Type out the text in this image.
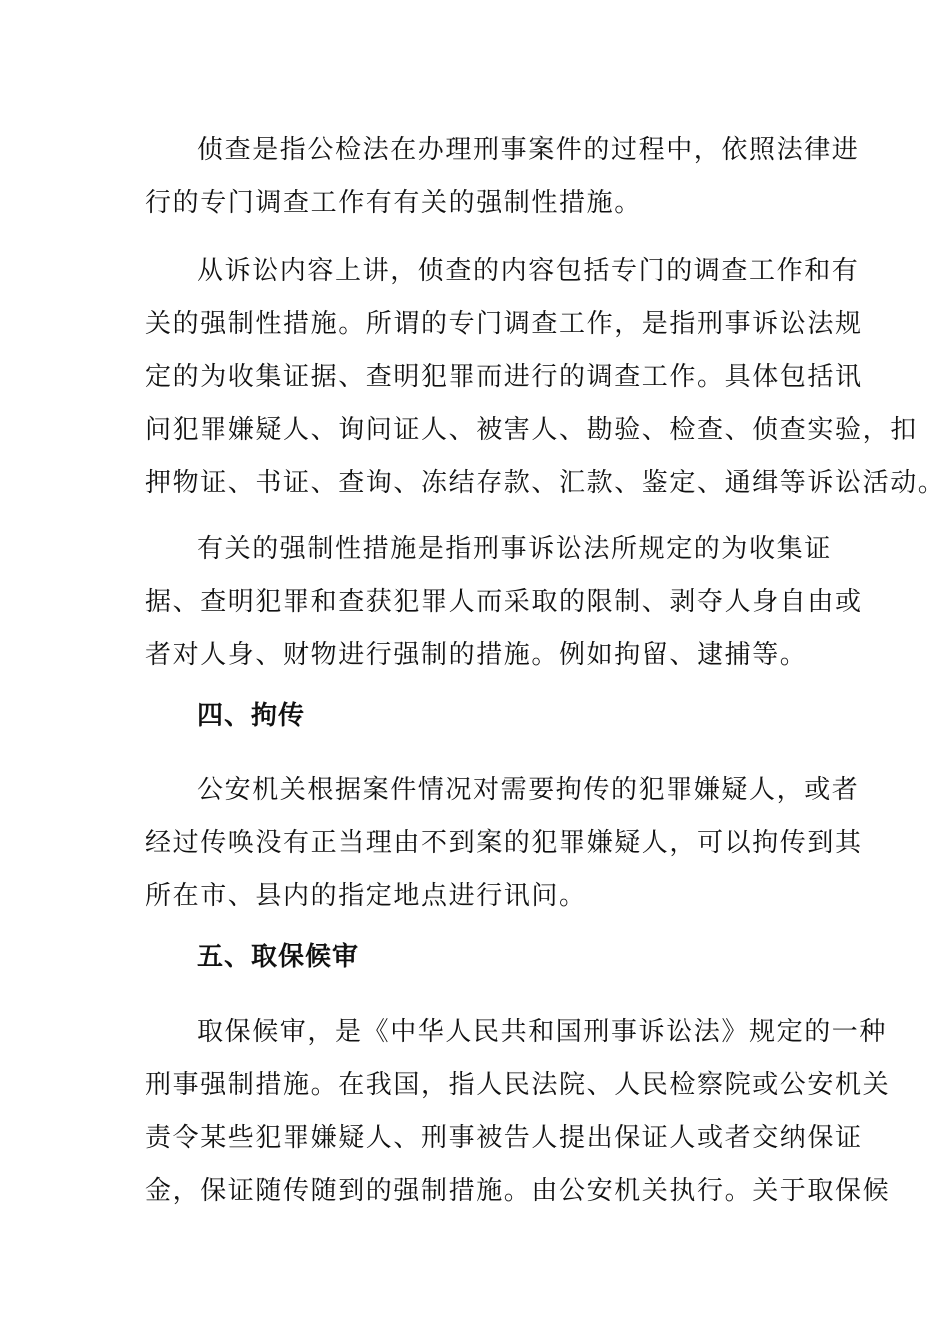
侦查是指公检法在办理刑事案件的过程中，依照法律进
行的专门调查工作有有关的强制性措施。
从诉讼内容上讲，侦查的内容包括专门的调查工作和有
关的强制性措施。所谓的专门调查工作，是指刑事诉讼法规
定的为收集证据、查明犯罪而进行的调查工作。具体包括讯
问犯罪嫌疑人、询问证人、被害人、勘验、检查、侦查实验，扣
押物证、书证、查询、冻结存款、汇款、鉴定、通缉等诉讼活动。
有关的强制性措施是指刑事诉讼法所规定的为收集证
据、查明犯罪和查获犯罪人而采取的限制、剥夺人身自由或
者对人身、财物进行强制的措施。例如拘留、逮捕等。
四、拘传
公安机关根据案件情况对需要拘传的犯罪嫌疑人，或者
经过传唤没有正当理由不到案的犯罪嫌疑人，可以拘传到其
所在市、县内的指定地点进行讯问。
五、取保候审
取保候审，是《中华人民共和国刑事诉讼法》规定的一种
刑事强制措施。在我国，指人民法院、人民检察院或公安机关
责令某些犯罪嫌疑人、刑事被告人提出保证人或者交纳保证
金，保证随传随到的强制措施。由公安机关执行。关于取保候
